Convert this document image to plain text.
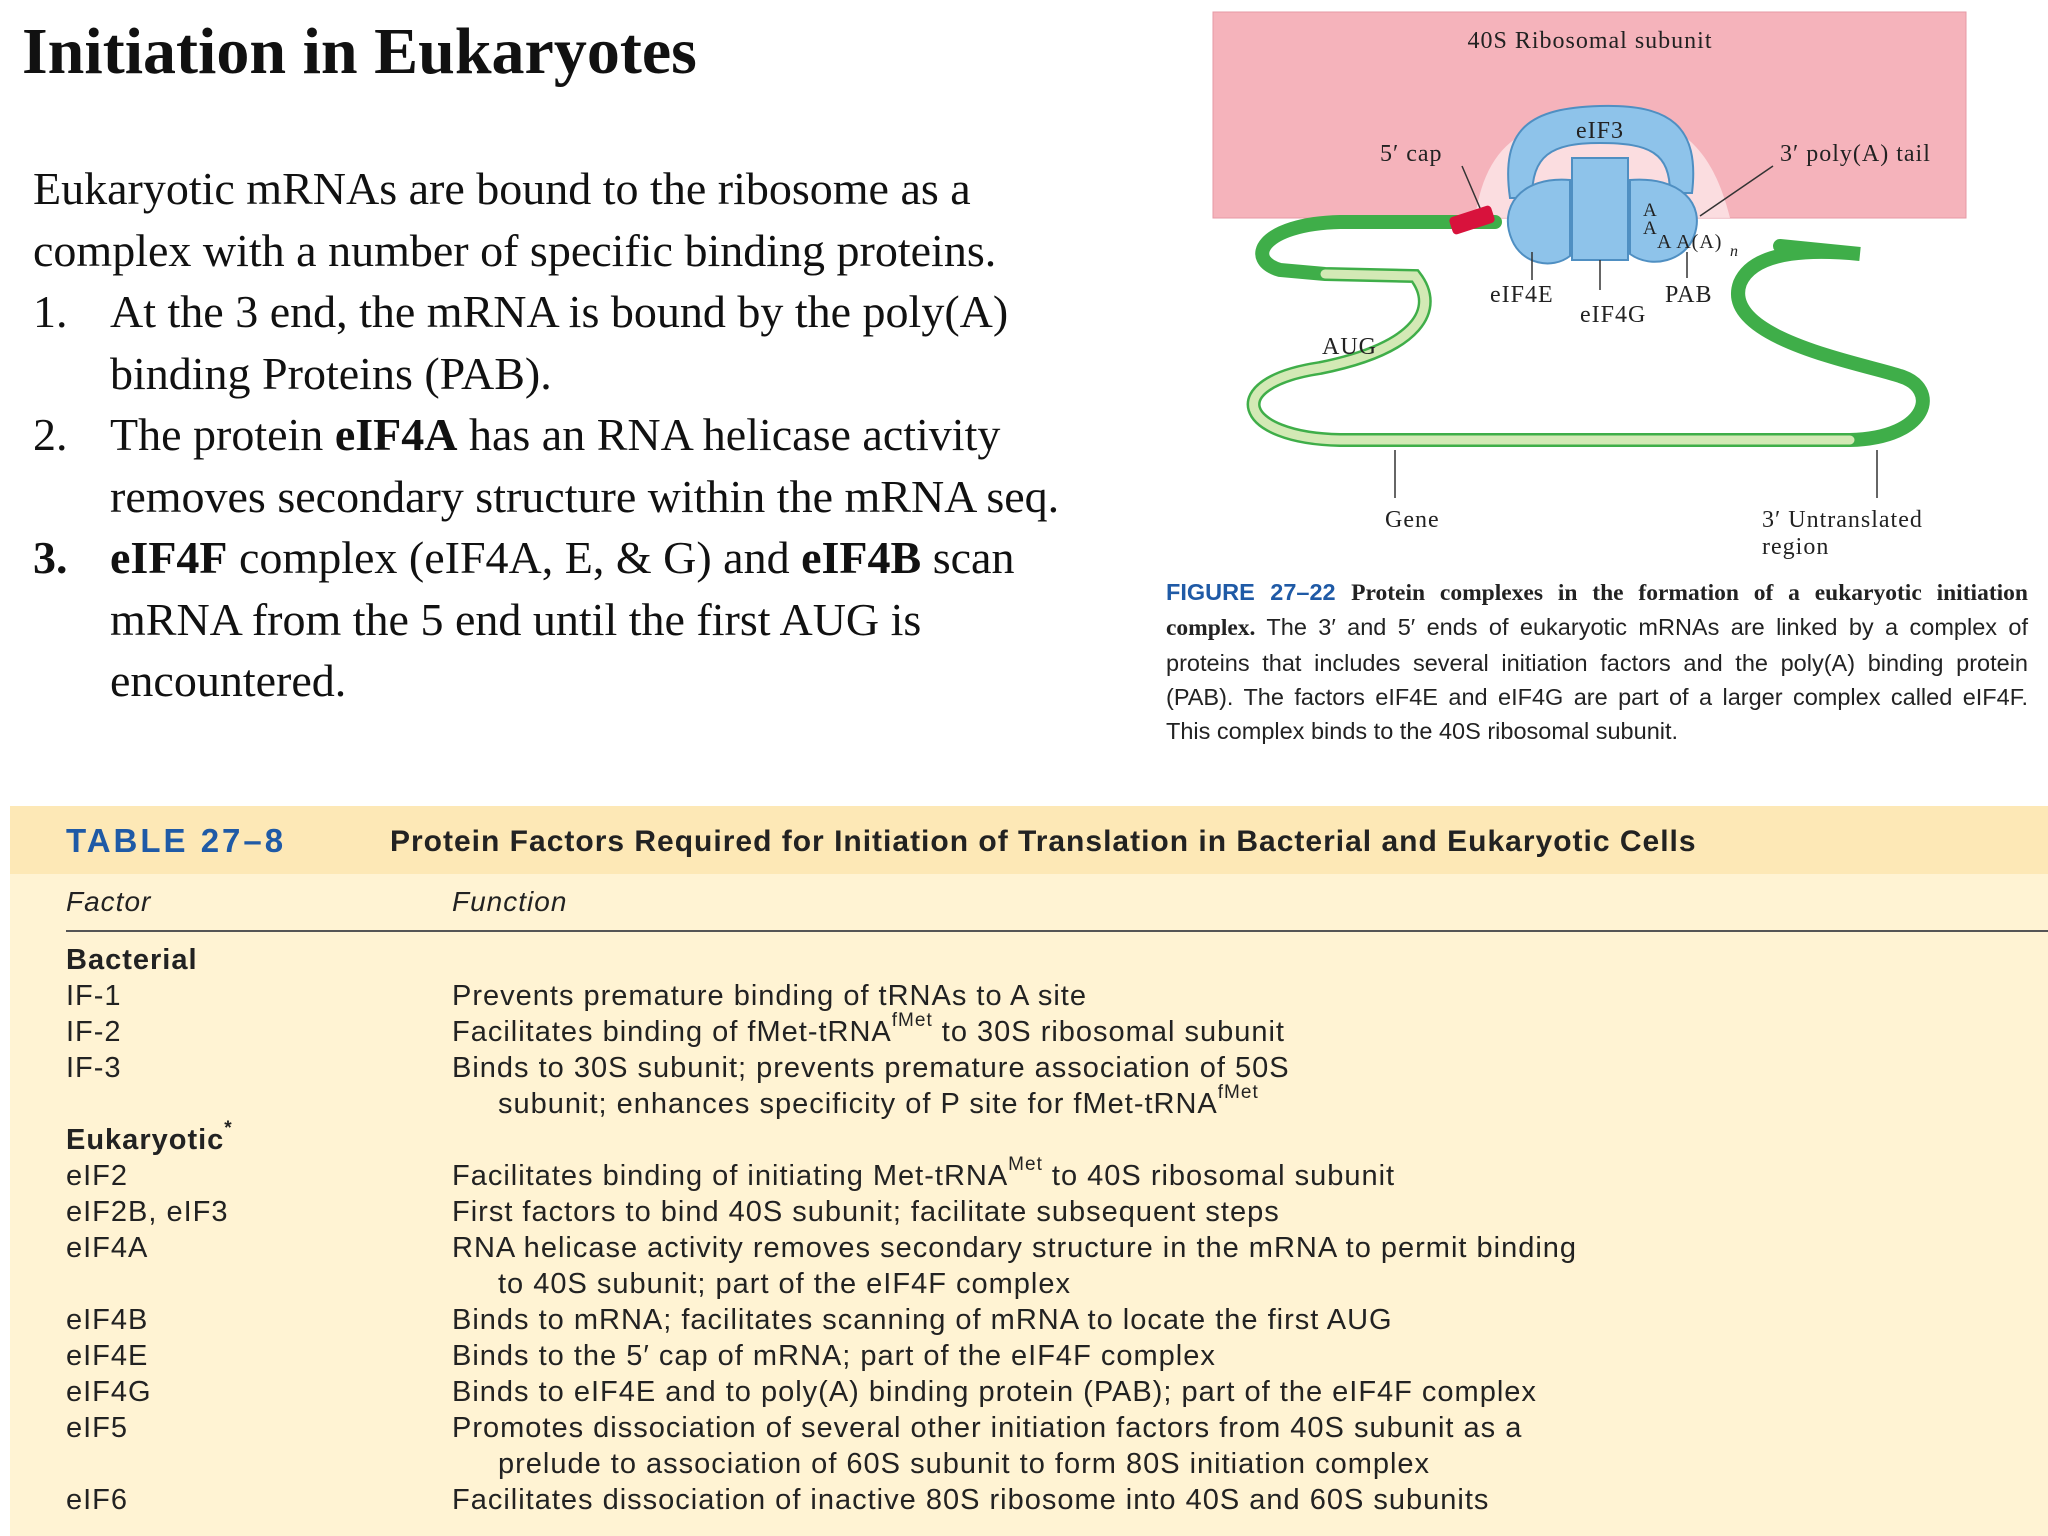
Initiation in Eukaryotes

Eukaryotic mRNAs are bound to the ribosome as a complex with a number of specific binding proteins.

1. At the 3 end, the mRNA is bound by the poly(A) binding Proteins (PAB).
2. The protein eIF4A has an RNA helicase activity removes secondary structure within the mRNA seq.
3. eIF4F complex (eIF4A, E, & G) and eIF4B scan mRNA from the 5 end until the first AUG is encountered.
40S Ribosomal subunit
eIF3
5′ cap	3′ poly(A) tail
A
A
A A(A) n
eIF4E	PAB
eIF4G
AUG
Gene	3′ Untranslated
region
FIGURE 27–22 Protein complexes in the formation of a eukaryotic initiation complex. The 3′ and 5′ ends of eukaryotic mRNAs are linked by a complex of proteins that includes several initiation factors and the poly(A) binding protein (PAB). The factors eIF4E and eIF4G are part of a larger complex called eIF4F. This complex binds to the 40S ribosomal subunit.
TABLE 27–8	Protein Factors Required for Initiation of Translation in Bacterial and Eukaryotic Cells
Factor	Function
Bacterial
IF-1	Prevents premature binding of tRNAs to A site
IF-2	Facilitates binding of fMet-tRNA$^{fMet}$ to 30S ribosomal subunit
IF-3	Binds to 30S subunit; prevents premature association of 50S
subunit; enhances specificity of P site for fMet-tRNA$^{fMet}$
Eukaryotic*
eIF2	Facilitates binding of initiating Met-tRNA$^{Met}$ to 40S ribosomal subunit
eIF2B, eIF3	First factors to bind 40S subunit; facilitate subsequent steps
eIF4A	RNA helicase activity removes secondary structure in the mRNA to permit binding
to 40S subunit; part of the eIF4F complex
eIF4B	Binds to mRNA; facilitates scanning of mRNA to locate the first AUG
eIF4E	Binds to the 5′ cap of mRNA; part of the eIF4F complex
eIF4G	Binds to eIF4E and to poly(A) binding protein (PAB); part of the eIF4F complex
eIF5	Promotes dissociation of several other initiation factors from 40S subunit as a
prelude to association of 60S subunit to form 80S initiation complex
eIF6	Facilitates dissociation of inactive 80S ribosome into 40S and 60S subunits
